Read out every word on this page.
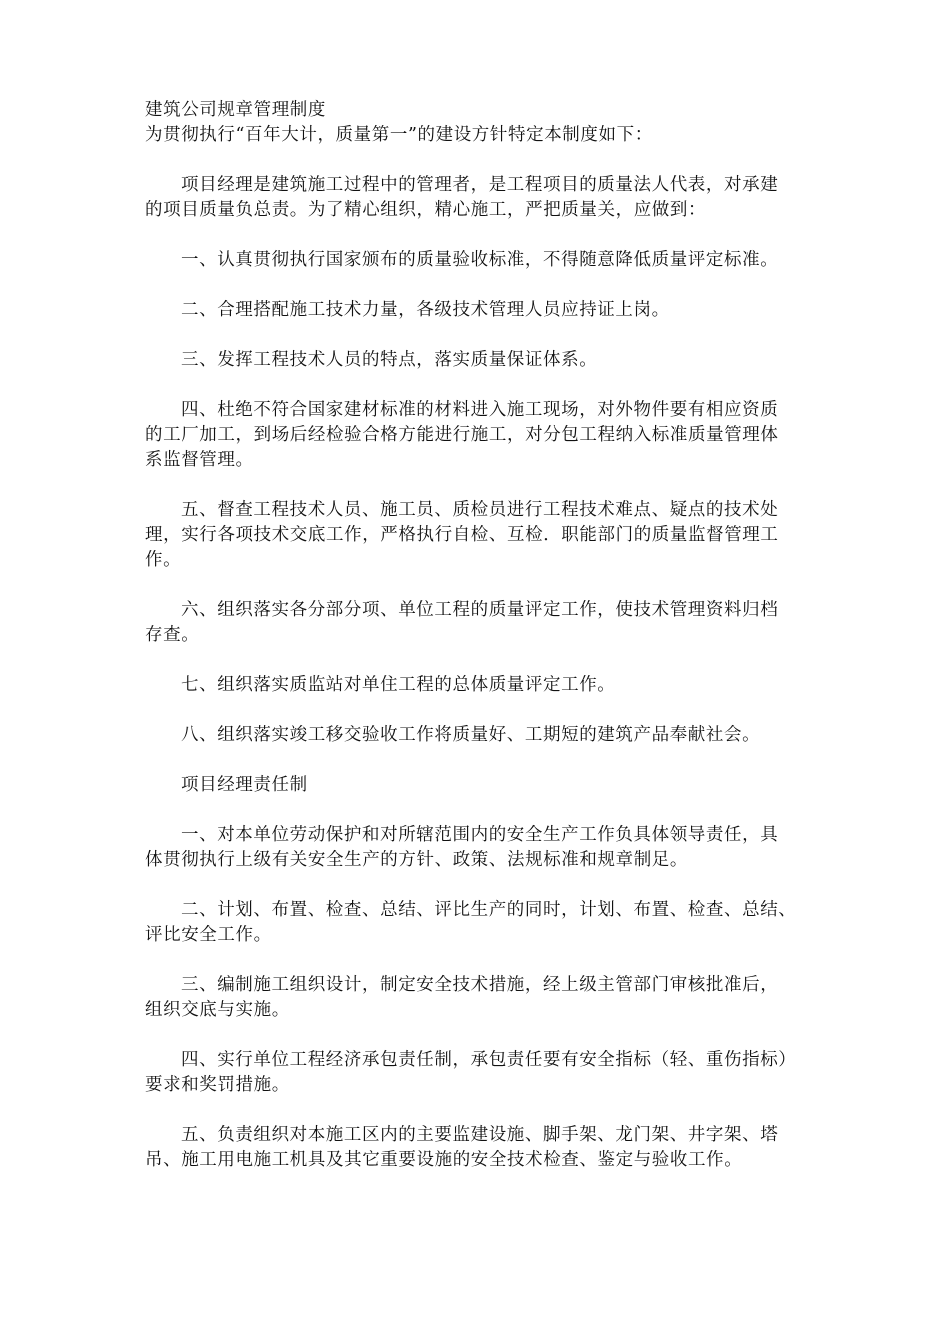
建筑公司规章管理制度

为贯彻执行“百年大计，质量第一”的建设方针特定本制度如下：

项目经理是建筑施工过程中的管理者，是工程项目的质量法人代表，对承建

的项目质量负总责。为了精心组织，精心施工，严把质量关，应做到：

一、认真贯彻执行国家颁布的质量验收标准，不得随意降低质量评定标准。

二、合理搭配施工技术力量，各级技术管理人员应持证上岗。

三、发挥工程技术人员的特点，落实质量保证体系。

四、杜绝不符合国家建材标准的材料进入施工现场，对外物件要有相应资质

的工厂加工，到场后经检验合格方能进行施工，对分包工程纳入标准质量管理体

系监督管理。

五、督查工程技术人员、施工员、质检员进行工程技术难点、疑点的技术处

理，实行各项技术交底工作，严格执行自检、互检．职能部门的质量监督管理工

作。

六、组织落实各分部分项、单位工程的质量评定工作，使技术管理资料归档

存查。

七、组织落实质监站对单住工程的总体质量评定工作。

八、组织落实竣工移交验收工作将质量好、工期短的建筑产品奉献社会。

项目经理责任制

一、对本单位劳动保护和对所辖范围内的安全生产工作负具体领导责任，具

体贯彻执行上级有关安全生产的方针、政策、法规标准和规章制足。

二、计划、布置、检查、总结、评比生产的同时，计划、布置、检查、总结、

评比安全工作。

三、编制施工组织设计，制定安全技术措施，经上级主管部门审核批准后，

组织交底与实施。

四、实行单位工程经济承包责任制，承包责任要有安全指标（轻、重伤指标）

要求和奖罚措施。

五、负责组织对本施工区内的主要监建设施、脚手架、龙门架、井字架、塔

吊、施工用电施工机具及其它重要设施的安全技术检查、鉴定与验收工作。
